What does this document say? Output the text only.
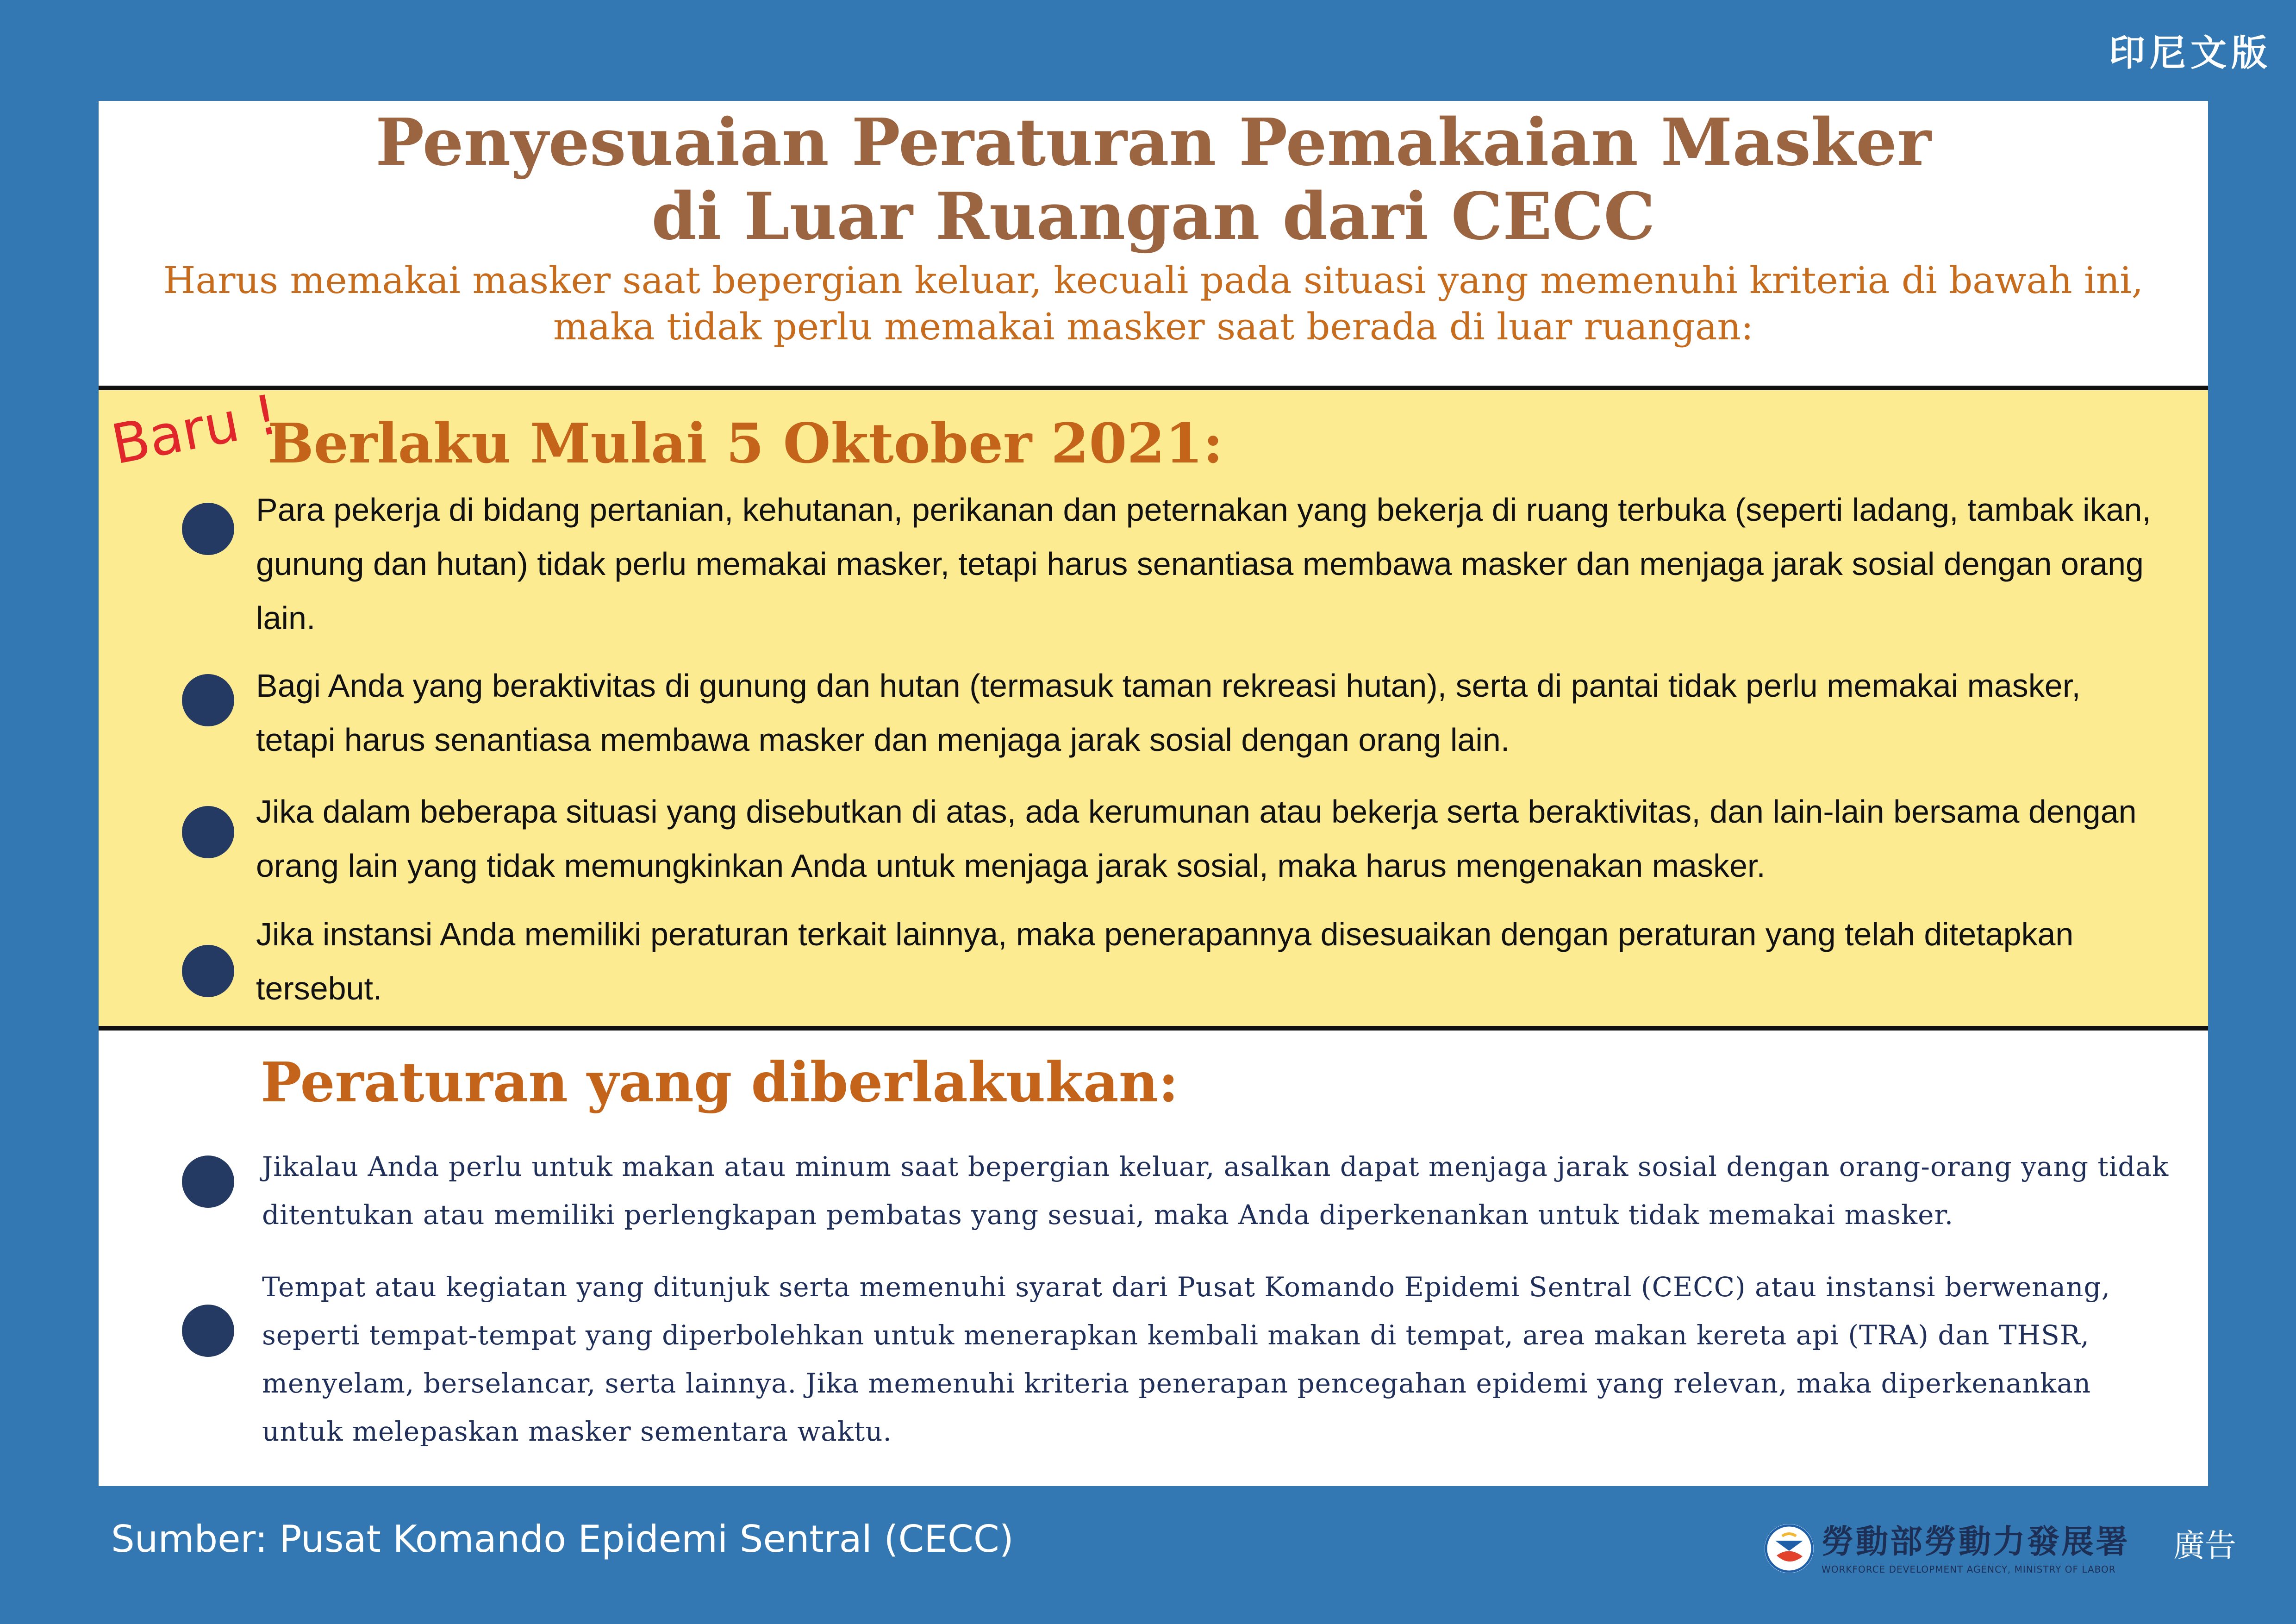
印尼文版
Penyesuaian Peraturan Pemakaian Masker
di Luar Ruangan dari CECC
Harus memakai masker saat bepergian keluar, kecuali pada situasi yang memenuhi kriteria di bawah ini,
maka tidak perlu memakai masker saat berada di luar ruangan:
Baru !
Berlaku Mulai 5 Oktober 2021:
Para pekerja di bidang pertanian, kehutanan, perikanan dan peternakan yang bekerja di ruang terbuka (seperti ladang, tambak ikan, gunung dan hutan) tidak perlu memakai masker, tetapi harus senantiasa membawa masker dan menjaga jarak sosial dengan orang lain.
Bagi Anda yang beraktivitas di gunung dan hutan (termasuk taman rekreasi hutan), serta di pantai tidak perlu memakai masker, tetapi harus senantiasa membawa masker dan menjaga jarak sosial dengan orang lain.
Jika dalam beberapa situasi yang disebutkan di atas, ada kerumunan atau bekerja serta beraktivitas, dan lain-lain bersama dengan orang lain yang tidak memungkinkan Anda untuk menjaga jarak sosial, maka harus mengenakan masker.
Jika instansi Anda memiliki peraturan terkait lainnya, maka penerapannya disesuaikan dengan peraturan yang telah ditetapkan tersebut.
Peraturan yang diberlakukan:
Jikalau Anda perlu untuk makan atau minum saat bepergian keluar, asalkan dapat menjaga jarak sosial dengan orang-orang yang tidak ditentukan atau memiliki perlengkapan pembatas yang sesuai, maka Anda diperkenankan untuk tidak memakai masker.
Tempat atau kegiatan yang ditunjuk serta memenuhi syarat dari Pusat Komando Epidemi Sentral (CECC) atau instansi berwenang, seperti tempat-tempat yang diperbolehkan untuk menerapkan kembali makan di tempat, area makan kereta api (TRA) dan THSR, menyelam, berselancar, serta lainnya. Jika memenuhi kriteria penerapan pencegahan epidemi yang relevan, maka diperkenankan untuk melepaskan masker sementara waktu.
Sumber: Pusat Komando Epidemi Sentral (CECC)	勞動部勞動力發展署
WORKFORCE DEVELOPMENT AGENCY, MINISTRY OF LABOR
廣告
